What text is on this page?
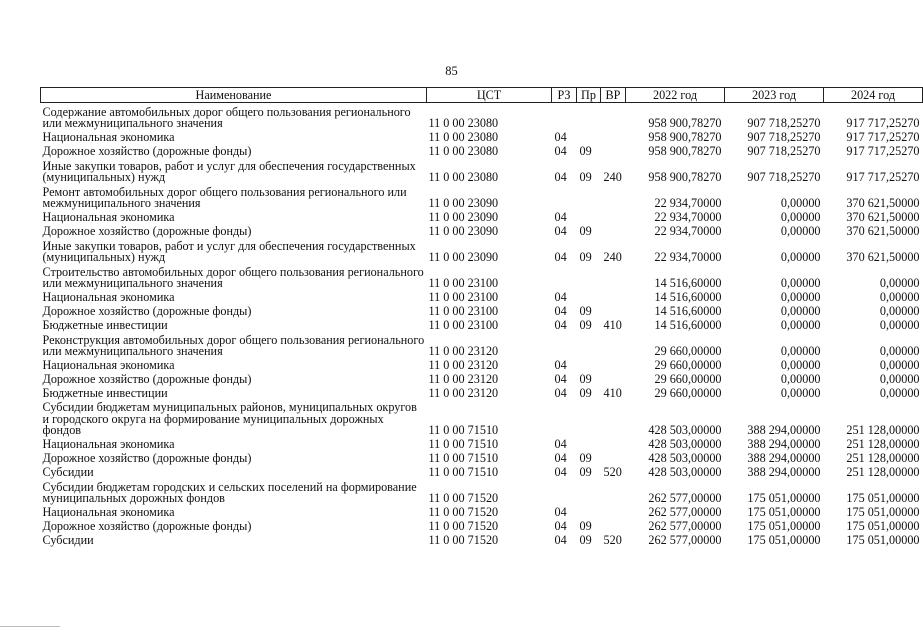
85
Наименование	ЦСТ	РЗ	Пр	ВР	2022 год	2023 год	2024 год
Содержание автомобильных дорог общего пользования регионального или межмуниципального значения	11 0 00 23080				958 900,78270	907 718,25270	917 717,25270
Национальная экономика	11 0 00 23080	04			958 900,78270	907 718,25270	917 717,25270
Дорожное хозяйство (дорожные фонды)	11 0 00 23080	04	09		958 900,78270	907 718,25270	917 717,25270
Иные закупки товаров, работ и услуг для обеспечения государственных (муниципальных) нужд	11 0 00 23080	04	09	240	958 900,78270	907 718,25270	917 717,25270
Ремонт автомобильных дорог общего пользования регионального или межмуниципального значения	11 0 00 23090				22 934,70000	0,00000	370 621,50000
Национальная экономика	11 0 00 23090	04			22 934,70000	0,00000	370 621,50000
Дорожное хозяйство (дорожные фонды)	11 0 00 23090	04	09		22 934,70000	0,00000	370 621,50000
Иные закупки товаров, работ и услуг для обеспечения государственных (муниципальных) нужд	11 0 00 23090	04	09	240	22 934,70000	0,00000	370 621,50000
Строительство автомобильных дорог общего пользования регионального или межмуниципального значения	11 0 00 23100				14 516,60000	0,00000	0,00000
Национальная экономика	11 0 00 23100	04			14 516,60000	0,00000	0,00000
Дорожное хозяйство (дорожные фонды)	11 0 00 23100	04	09		14 516,60000	0,00000	0,00000
Бюджетные инвестиции	11 0 00 23100	04	09	410	14 516,60000	0,00000	0,00000
Реконструкция автомобильных дорог общего пользования регионального или межмуниципального значения	11 0 00 23120				29 660,00000	0,00000	0,00000
Национальная экономика	11 0 00 23120	04			29 660,00000	0,00000	0,00000
Дорожное хозяйство (дорожные фонды)	11 0 00 23120	04	09		29 660,00000	0,00000	0,00000
Бюджетные инвестиции	11 0 00 23120	04	09	410	29 660,00000	0,00000	0,00000
Субсидии бюджетам муниципальных районов, муниципальных округов и городского округа на формирование муниципальных дорожных фондов	11 0 00 71510				428 503,00000	388 294,00000	251 128,00000
Национальная экономика	11 0 00 71510	04			428 503,00000	388 294,00000	251 128,00000
Дорожное хозяйство (дорожные фонды)	11 0 00 71510	04	09		428 503,00000	388 294,00000	251 128,00000
Субсидии	11 0 00 71510	04	09	520	428 503,00000	388 294,00000	251 128,00000
Субсидии бюджетам городских и сельских поселений на формирование муниципальных дорожных фондов	11 0 00 71520				262 577,00000	175 051,00000	175 051,00000
Национальная экономика	11 0 00 71520	04			262 577,00000	175 051,00000	175 051,00000
Дорожное хозяйство (дорожные фонды)	11 0 00 71520	04	09		262 577,00000	175 051,00000	175 051,00000
Субсидии	11 0 00 71520	04	09	520	262 577,00000	175 051,00000	175 051,00000
